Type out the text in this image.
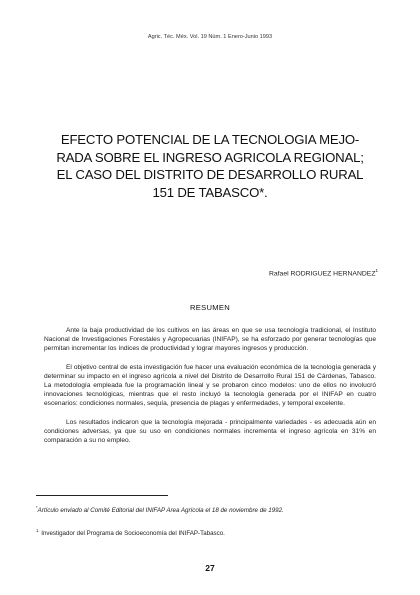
Agric. Téc. Méx. Vol. 19 Núm. 1 Enero-Junio 1993
EFECTO POTENCIAL DE LA TECNOLOGIA MEJO-
RADA SOBRE EL INGRESO AGRICOLA REGIONAL;
EL CASO DEL DISTRITO DE DESARROLLO RURAL
151 DE TABASCO*.
Rafael RODRIGUEZ HERNANDEZ$^1$
RESUMEN

Ante la baja productividad de los cultivos en las áreas en que se usa tecnología tradicional, el Instituto Nacional de Investigaciones Forestales y Agropecuarias (INIFAP), se ha esforzado por generar tecnologías que permitan incrementar los índices de productividad y lograr mayores ingresos y producción.

El objetivo central de esta investigación fue hacer una evaluación económica de la tecnología generada y determinar su impacto en el ingreso agrícola a nivel del Distrito de Desarrollo Rural 151 de Cárdenas, Tabasco. La metodología empleada fue la programación lineal y se probaron cinco modelos: uno de ellos no involucró innovaciones tecnológicas, mientras que el resto incluyó la tecnología generada por el INIFAP en cuatro escenarios: condiciones normales, sequía, presencia de plagas y enfermedades, y temporal excelente.

Los resultados indicaron que la tecnología mejorada - principalmente variedades - es adecuada aún en condiciones adversas, ya que su uso en condiciones normales incrementa el ingreso agrícola en 31% en comparación a su no empleo.

*Artículo enviado al Comité Editorial del INIFAP Area Agrícola el 18 de noviembre de 1992.
$^{1.}$ Investigador del Programa de Socioeconomía del INIFAP-Tabasco.
27
